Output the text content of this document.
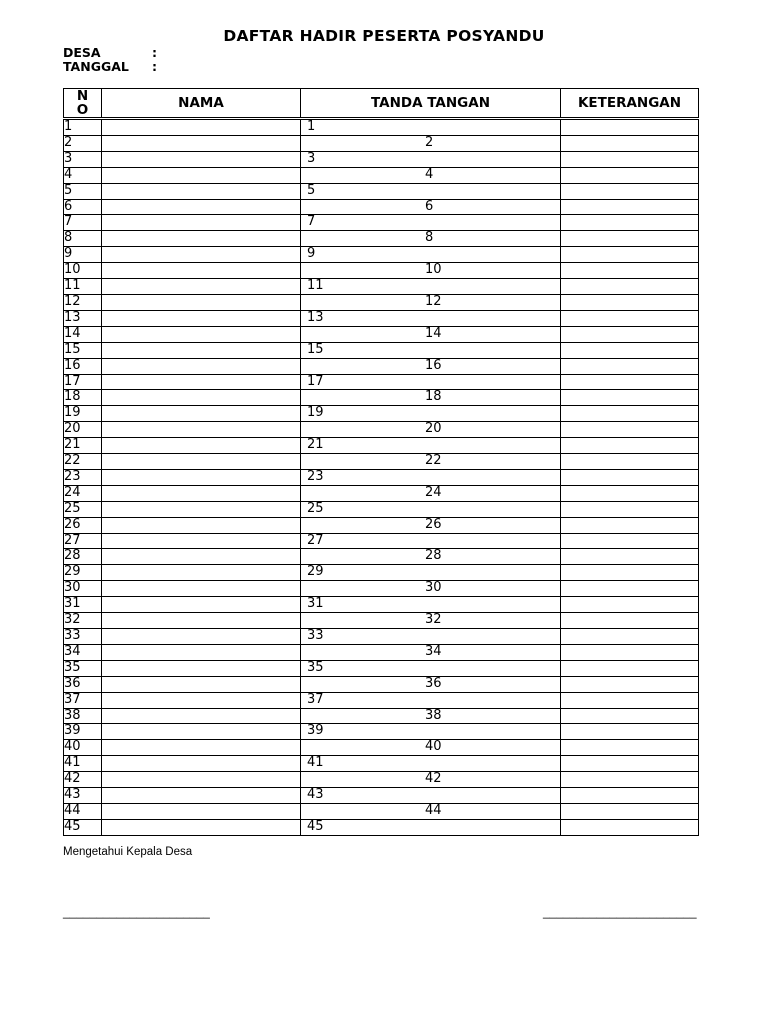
DAFTAR HADIR PESERTA POSYANDU
DESA	:
TANGGAL :
N
O	NAMA	TANDA TANGAN	KETERANGAN
1		1	
2		2	
3		3	
4		4	
5		5	
6		6	
7		7	
8		8	
9		9	
10		10	
11		11	
12		12	
13		13	
14		14	
15		15	
16		16	
17		17	
18		18	
19		19	
20		20	
21		21	
22		22	
23		23	
24		24	
25		25	
26		26	
27		27	
28		28	
29		29	
30		30	
31		31	
32		32	
33		33	
34		34	
35		35	
36		36	
37		37	
38		38	
39		39	
40		40	
41		41	
42		42	
43		43	
44		44	
45		45	
Mengetahui Kepala Desa
______________________	_______________________
